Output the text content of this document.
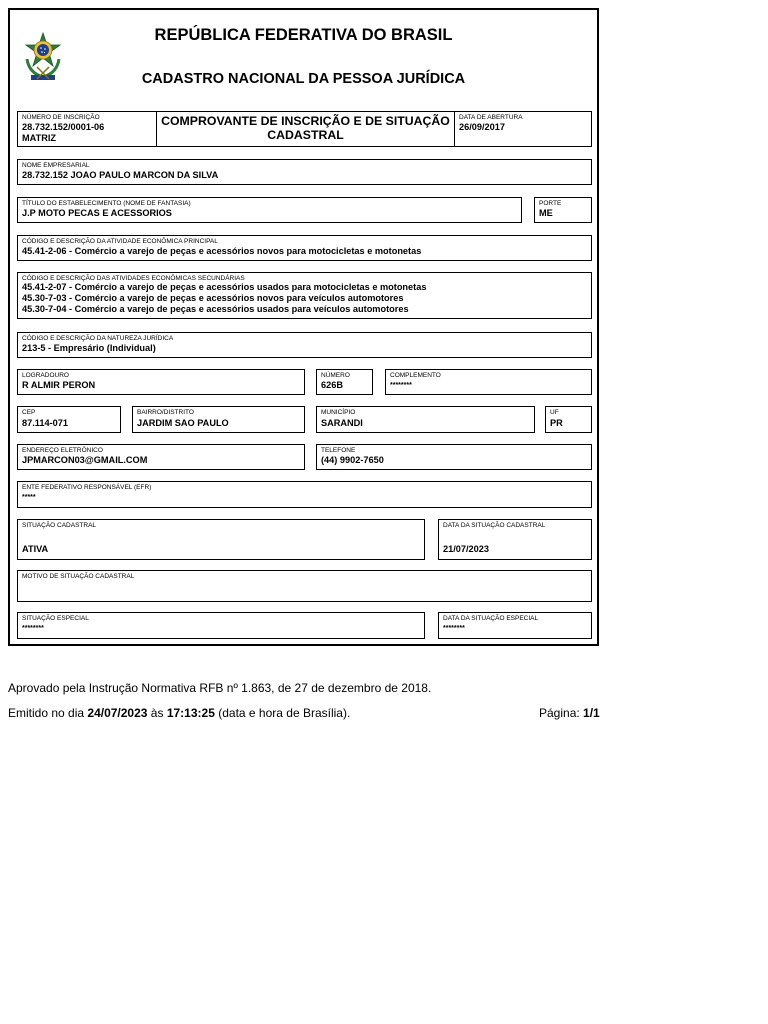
REPÚBLICA FEDERATIVA DO BRASIL
CADASTRO NACIONAL DA PESSOA JURÍDICA
NÚMERO DE INSCRIÇÃO
28.732.152/0001-06
MATRIZ
COMPROVANTE DE INSCRIÇÃO E DE SITUAÇÃO CADASTRAL
DATA DE ABERTURA
26/09/2017
NOME EMPRESARIAL
28.732.152 JOAO PAULO MARCON DA SILVA
TÍTULO DO ESTABELECIMENTO (NOME DE FANTASIA)
J.P MOTO PECAS E ACESSORIOS
PORTE
ME
CÓDIGO E DESCRIÇÃO DA ATIVIDADE ECONÔMICA PRINCIPAL
45.41-2-06 - Comércio a varejo de peças e acessórios novos para motocicletas e motonetas
CÓDIGO E DESCRIÇÃO DAS ATIVIDADES ECONÔMICAS SECUNDÁRIAS
45.41-2-07 - Comércio a varejo de peças e acessórios usados para motocicletas e motonetas
45.30-7-03 - Comércio a varejo de peças e acessórios novos para veículos automotores
45.30-7-04 - Comércio a varejo de peças e acessórios usados para veículos automotores
CÓDIGO E DESCRIÇÃO DA NATUREZA JURÍDICA
213-5 - Empresário (Individual)
LOGRADOURO
R ALMIR PERON
NÚMERO
626B
COMPLEMENTO
********
CEP
87.114-071
BAIRRO/DISTRITO
JARDIM SAO PAULO
MUNICÍPIO
SARANDI
UF
PR
ENDEREÇO ELETRÔNICO
JPMARCON03@GMAIL.COM
TELEFONE
(44) 9902-7650
ENTE FEDERATIVO RESPONSÁVEL (EFR)
*****
SITUAÇÃO CADASTRAL
ATIVA
DATA DA SITUAÇÃO CADASTRAL
21/07/2023
MOTIVO DE SITUAÇÃO CADASTRAL
SITUAÇÃO ESPECIAL
********
DATA DA SITUAÇÃO ESPECIAL
********
Aprovado pela Instrução Normativa RFB nº 1.863, de 27 de dezembro de 2018.
Emitido no dia 24/07/2023 às 17:13:25 (data e hora de Brasília).	Página: 1/1
